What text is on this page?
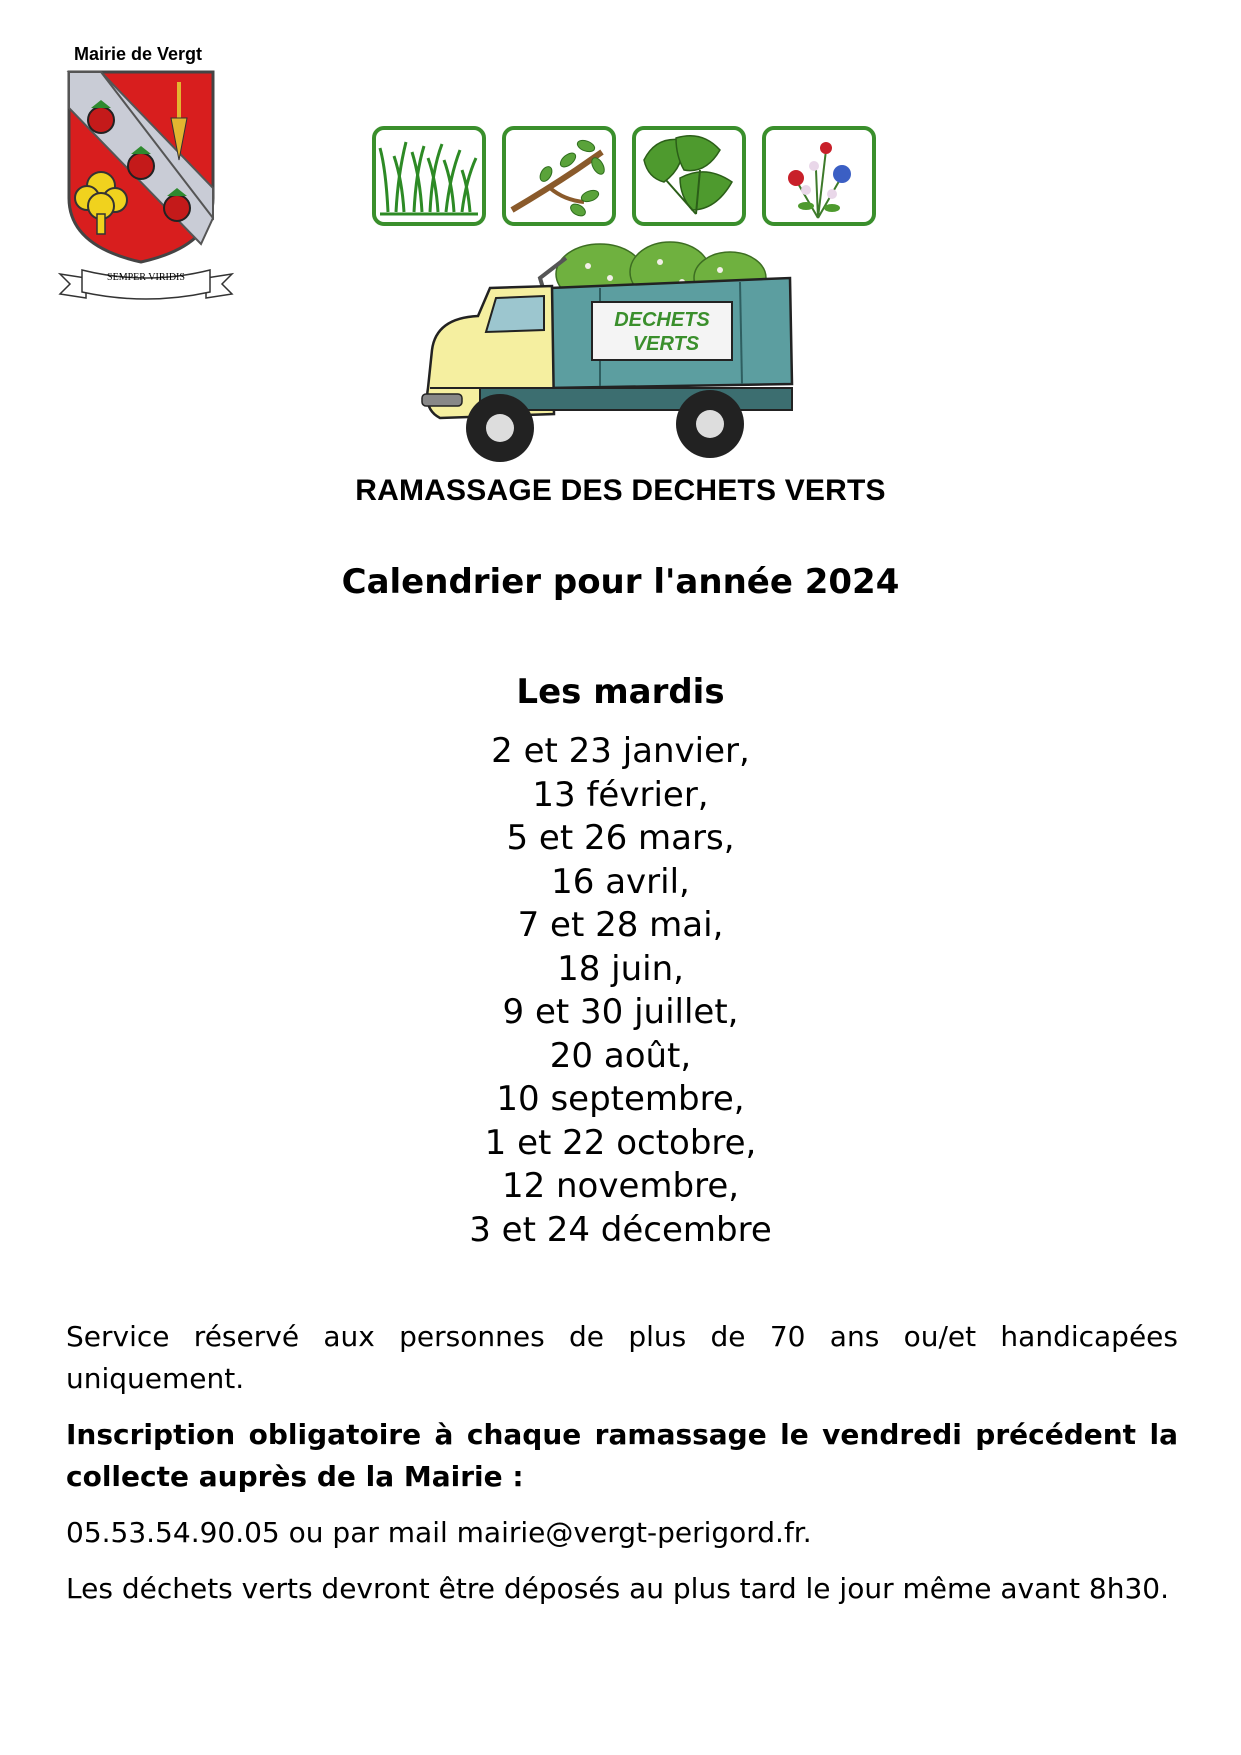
Mairie de Vergt
DECHETS
VERTS
RAMASSAGE DES DECHETS VERTS
Calendrier pour l'année 2024
Les mardis
2 et 23 janvier,
13 février,
5 et 26 mars,
16 avril,
7 et 28 mai,
18 juin,
9 et 30 juillet,
20 août,
10 septembre,
1 et 22 octobre,
12 novembre,
3 et 24 décembre
Service réservé aux personnes de plus de 70 ans ou/et handicapées uniquement.
Inscription obligatoire à chaque ramassage le vendredi précédent la collecte auprès de la Mairie :
05.53.54.90.05 ou par mail mairie@vergt-perigord.fr.
Les déchets verts devront être déposés au plus tard le jour même avant 8h30.
SEMPER VIRIDIS
